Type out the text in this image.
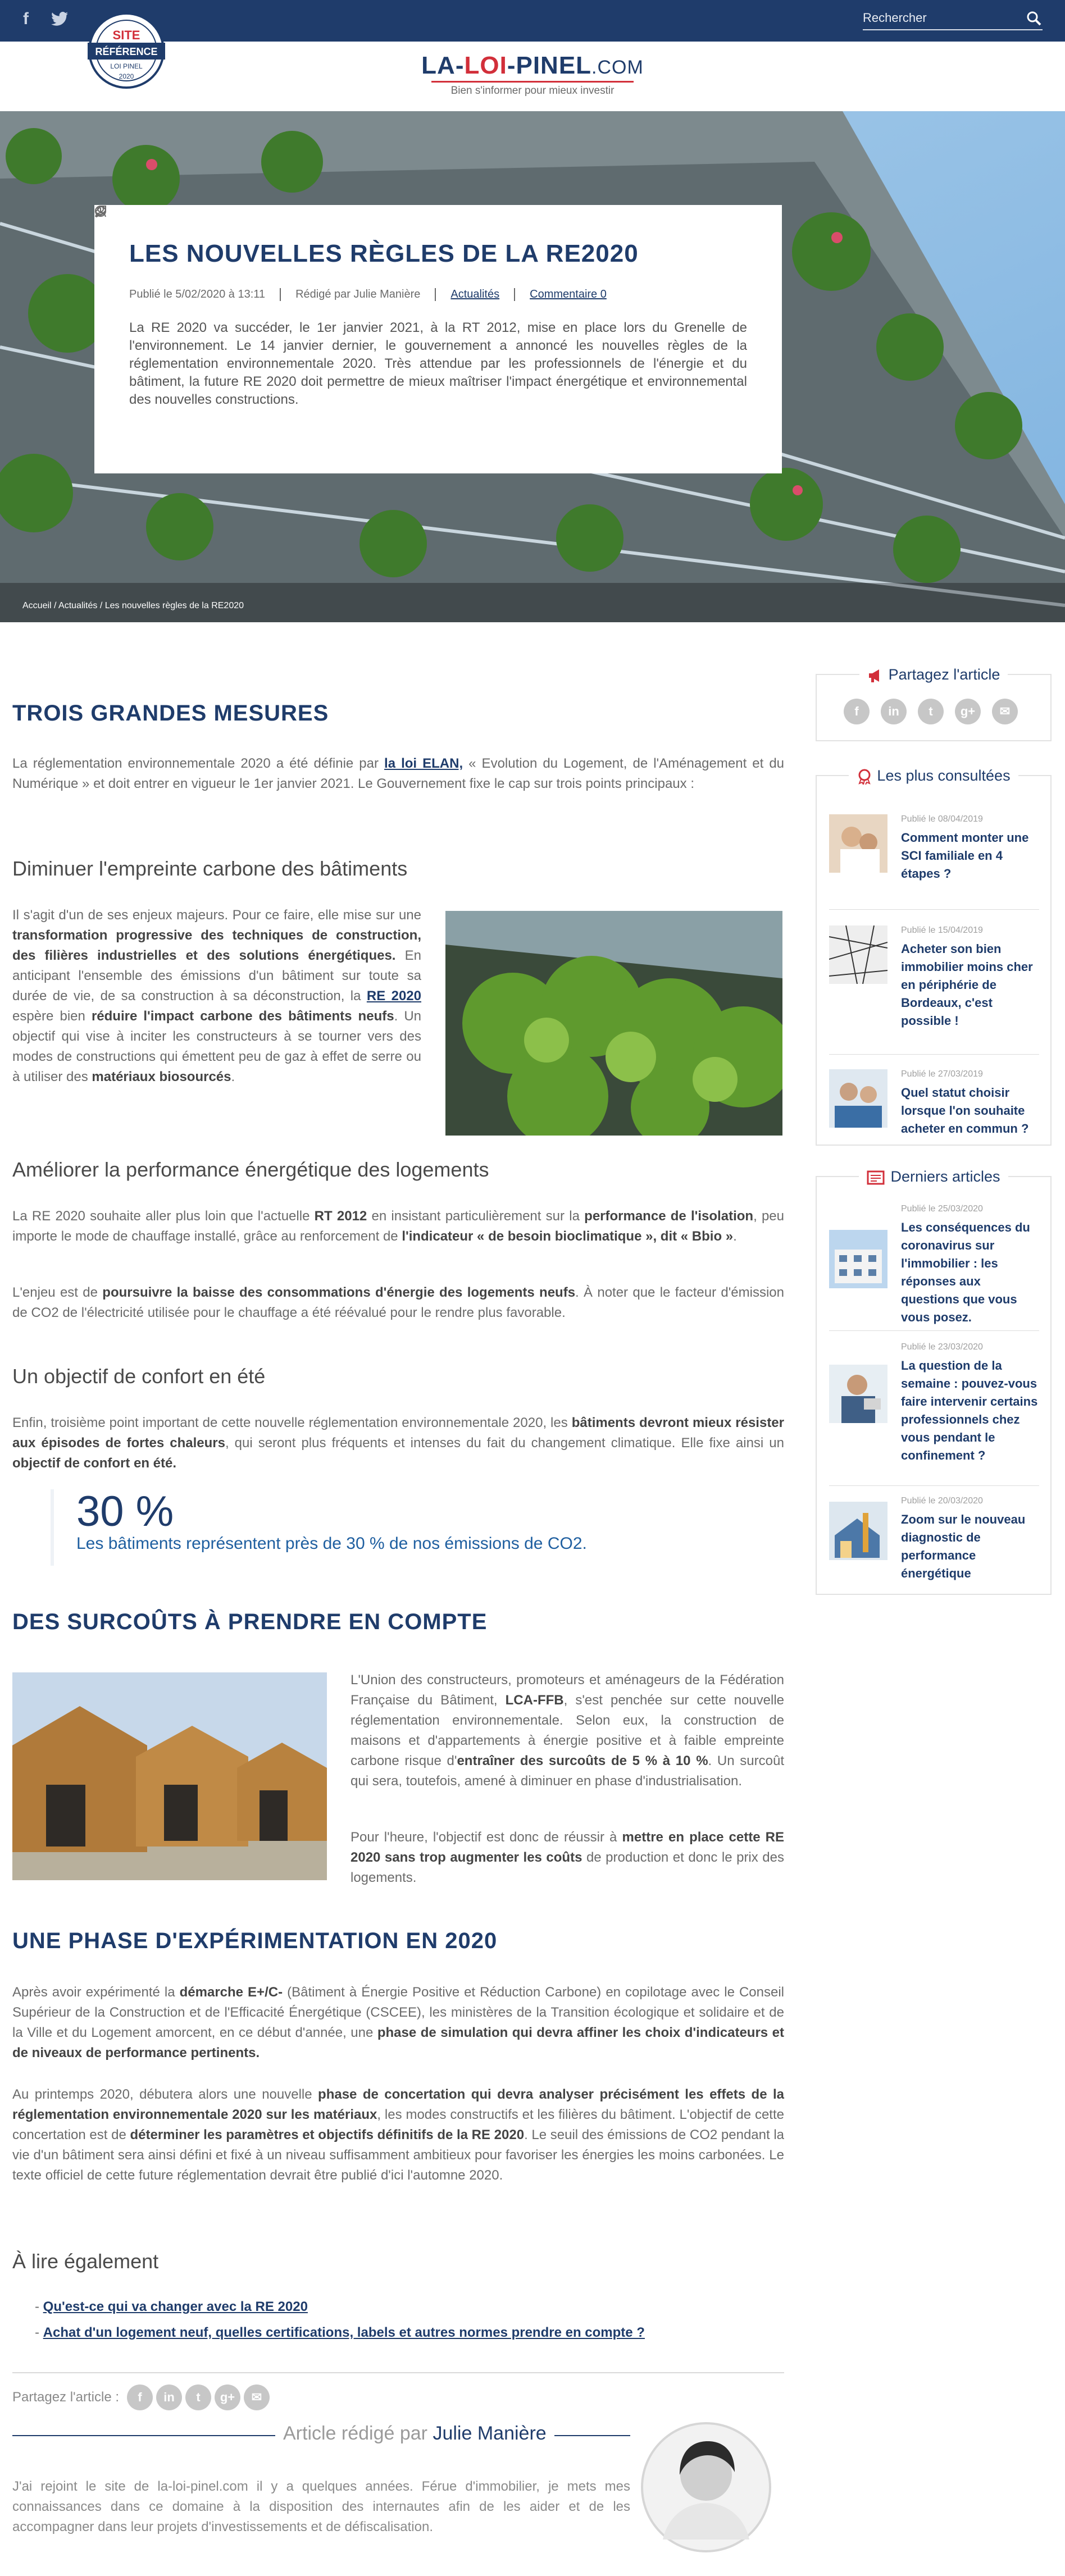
f
Rechercher
LA-LOI-PINEL.COM
Bien s'informer pour mieux investir
SITE
RÉFÉRENCE
LOI PINEL
2020
LES NOUVELLES RÈGLES DE LA RE2020
Publié le 5/02/2020 à 13:11	Rédigé par Julie Manière	Actualités	Commentaire 0

La RE 2020 va succéder, le 1er janvier 2021, à la RT 2012, mise en place lors du Grenelle de l'environnement. Le 14 janvier dernier, le gouvernement a annoncé les nouvelles règles de la réglementation environnementale 2020. Très attendue par les professionnels de l'énergie et du bâtiment, la future RE 2020 doit permettre de mieux maîtriser l'impact énergétique et environnemental des nouvelles constructions.

Accueil / Actualités / Les nouvelles règles de la RE2020
TROIS GRANDES MESURES

La réglementation environnementale 2020 a été définie par la loi ELAN, « Evolution du Logement, de l'Aménagement et du Numérique » et doit entrer en vigueur le 1er janvier 2021. Le Gouvernement fixe le cap sur trois points principaux :

Diminuer l'empreinte carbone des bâtiments

Il s'agit d'un de ses enjeux majeurs. Pour ce faire, elle mise sur une transformation progressive des techniques de construction, des filières industrielles et des solutions énergétiques. En anticipant l'ensemble des émissions d'un bâtiment sur toute sa durée de vie, de sa construction à sa déconstruction, la RE 2020 espère bien réduire l'impact carbone des bâtiments neufs. Un objectif qui vise à inciter les constructeurs à se tourner vers des modes de constructions qui émettent peu de gaz à effet de serre ou à utiliser des matériaux biosourcés.

Améliorer la performance énergétique des logements

La RE 2020 souhaite aller plus loin que l'actuelle RT 2012 en insistant particulièrement sur la performance de l'isolation, peu importe le mode de chauffage installé, grâce au renforcement de l'indicateur « de besoin bioclimatique », dit « Bbio ».

L'enjeu est de poursuivre la baisse des consommations d'énergie des logements neufs. À noter que le facteur d'émission de CO2 de l'électricité utilisée pour le chauffage a été réévalué pour le rendre plus favorable.

Un objectif de confort en été

Enfin, troisième point important de cette nouvelle réglementation environnementale 2020, les bâtiments devront mieux résister aux épisodes de fortes chaleurs, qui seront plus fréquents et intenses du fait du changement climatique. Elle fixe ainsi un objectif de confort en été.

30 %
Les bâtiments représentent près de 30 % de nos émissions de CO2.
DES SURCOÛTS À PRENDRE EN COMPTE

L'Union des constructeurs, promoteurs et aménageurs de la Fédération Française du Bâtiment, LCA-FFB, s'est penchée sur cette nouvelle réglementation environnementale. Selon eux, la construction de maisons et d'appartements à énergie positive et à faible empreinte carbone risque d'entraîner des surcoûts de 5 % à 10 %. Un surcoût qui sera, toutefois, amené à diminuer en phase d'industrialisation.

Pour l'heure, l'objectif est donc de réussir à mettre en place cette RE 2020 sans trop augmenter les coûts de production et donc le prix des logements.

UNE PHASE D'EXPÉRIMENTATION EN 2020

Après avoir expérimenté la démarche E+/C- (Bâtiment à Énergie Positive et Réduction Carbone) en copilotage avec le Conseil Supérieur de la Construction et de l'Efficacité Énergétique (CSCEE), les ministères de la Transition écologique et solidaire et de la Ville et du Logement amorcent, en ce début d'année, une phase de simulation qui devra affiner les choix d'indicateurs et de niveaux de performance pertinents.

Au printemps 2020, débutera alors une nouvelle phase de concertation qui devra analyser précisément les effets de la réglementation environnementale 2020 sur les matériaux, les modes constructifs et les filières du bâtiment. L'objectif de cette concertation est de déterminer les paramètres et objectifs définitifs de la RE 2020. Le seuil des émissions de CO2 pendant la vie d'un bâtiment sera ainsi défini et fixé à un niveau suffisamment ambitieux pour favoriser les énergies les moins carbonées. Le texte officiel de cette future réglementation devrait être publié d'ici l'automne 2020.

À lire également
- Qu'est-ce qui va changer avec la RE 2020
- Achat d'un logement neuf, quelles certifications, labels et autres normes prendre en compte ?
Partagez l'article :	f	in	t	g+	✉
Article rédigé par Julie Manière

J'ai rejoint le site de la-loi-pinel.com il y a quelques années. Férue d'immobilier, je mets mes connaissances dans ce domaine à la disposition des internautes afin de les aider et de les accompagner dans leur projets d'investissements et de défiscalisation.

Partagez l'article
f	in	t	g+	✉
Les plus consultées
Publié le 08/04/2019
Comment monter une SCI familiale en 4 étapes ?
Publié le 15/04/2019
Acheter son bien immobilier moins cher en périphérie de Bordeaux, c'est possible !
Publié le 27/03/2019
Quel statut choisir lorsque l'on souhaite acheter en commun ?
Derniers articles
Publié le 25/03/2020
Les conséquences du coronavirus sur l'immobilier : les réponses aux questions que vous vous posez.
Publié le 23/03/2020
La question de la semaine : pouvez-vous faire intervenir certains professionnels chez vous pendant le confinement ?
Publié le 20/03/2020
Zoom sur le nouveau diagnostic de performance énergétique
